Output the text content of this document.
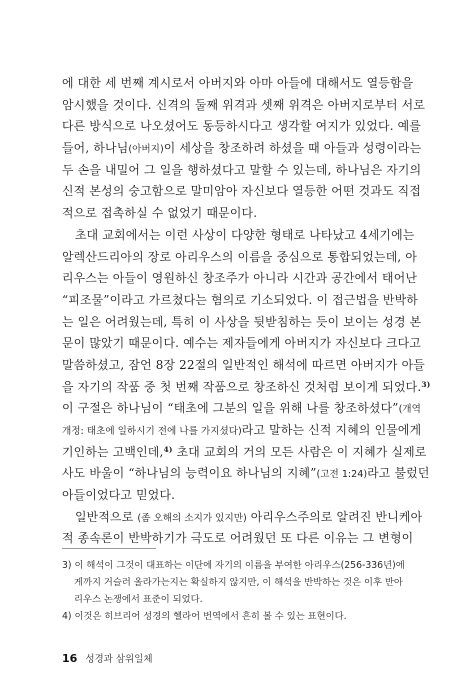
에 대한 세 번째 계시로서 아버지와 아마 아들에 대해서도 열등함을
암시했을 것이다. 신격의 둘째 위격과 셋째 위격은 아버지로부터 서로
다른 방식으로 나오셨어도 동등하시다고 생각할 여지가 있었다. 예를
들어, 하나님(아버지)이 세상을 창조하려 하셨을 때 아들과 성령이라는
두 손을 내밀어 그 일을 행하셨다고 말할 수 있는데, 하나님은 자기의
신적 본성의 숭고함으로 말미암아 자신보다 열등한 어떤 것과도 직접
적으로 접촉하실 수 없었기 때문이다.
초대 교회에서는 이런 사상이 다양한 형태로 나타났고 4세기에는
알렉산드리아의 장로 아리우스의 이름을 중심으로 통합되었는데, 아
리우스는 아들이 영원하신 창조주가 아니라 시간과 공간에서 태어난
“피조물”이라고 가르쳤다는 혐의로 기소되었다. 이 접근법을 반박하
는 일은 어려웠는데, 특히 이 사상을 뒷받침하는 듯이 보이는 성경 본
문이 많았기 때문이다. 예수는 제자들에게 아버지가 자신보다 크다고
말씀하셨고, 잠언 8장 22절의 일반적인 해석에 따르면 아버지가 아들
을 자기의 작품 중 첫 번째 작품으로 창조하신 것처럼 보이게 되었다.$^{3)}$
이 구절은 하나님이 “태초에 그분의 일을 위해 나를 창조하셨다”(개역
개정: 태초에 일하시기 전에 나를 가지셨다)라고 말하는 신적 지혜의 인물에게
기인하는 고백인데,$^{4)}$ 초대 교회의 거의 모든 사람은 이 지혜가 실제로
사도 바울이 “하나님의 능력이요 하나님의 지혜”(고전 1:24)라고 불렀던
아들이었다고 믿었다.
일반적으로 (좀 오해의 소지가 있지만) 아리우스주의로 알려진 반니케아
적 종속론이 반박하기가 극도로 어려웠던 또 다른 이유는 그 변형이
3) 이 해석이 그것이 대표하는 이단에 자기의 이름을 부여한 아리우스(256-336년)에
게까지 거슬러 올라가는지는 확실하지 않지만, 이 해석을 반박하는 것은 이후 반아
리우스 논쟁에서 표준이 되었다.
4) 이것은 히브리어 성경의 헬라어 번역에서 흔히 볼 수 있는 표현이다.
16 성경과 삼위일체
